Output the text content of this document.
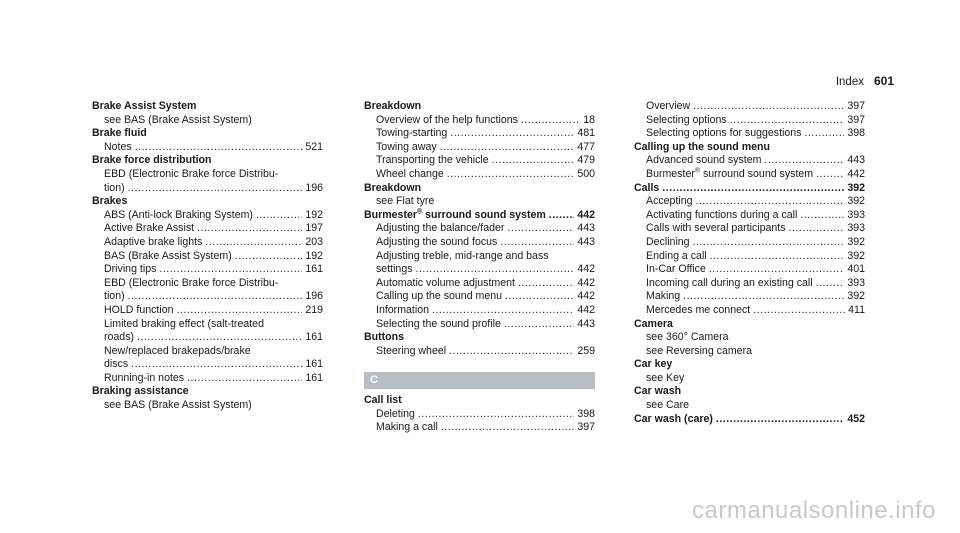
Index 601
Brake Assist System
see BAS (Brake Assist System)
Brake fluid
Notes .....	521
Brake force distribution
EBD (Electronic Brake force Distribu-
tion) .....	196
Brakes
ABS (Anti-lock Braking System) .....	192
Active Brake Assist .....	197
Adaptive brake lights .....	203
BAS (Brake Assist System) .....	192
Driving tips .....	161
EBD (Electronic Brake force Distribu-
tion) .....	196
HOLD function .....	219
Limited braking effect (salt-treated
roads) .....	161
New/replaced brakepads/brake
discs .....	161
Running-in notes .....	161
Braking assistance
see BAS (Brake Assist System)
Breakdown
Overview of the help functions .....	18
Towing-starting .....	481
Towing away .....	477
Transporting the vehicle .....	479
Wheel change .....	500
Breakdown
see Flat tyre
Burmester® surround sound system .....	442
Adjusting the balance/fader .....	443
Adjusting the sound focus .....	443
Adjusting treble, mid-range and bass
settings .....	442
Automatic volume adjustment .....	442
Calling up the sound menu .....	442
Information .....	442
Selecting the sound profile .....	443
Buttons
Steering wheel .....	259
C
Call list
Deleting .....	398
Making a call .....	397
Overview .....	397
Selecting options .....	397
Selecting options for suggestions .....	398
Calling up the sound menu
Advanced sound system .....	443
Burmester® surround sound system .....	442
Calls .....	392
Accepting .....	392
Activating functions during a call .....	393
Calls with several participants .....	393
Declining .....	392
Ending a call .....	392
In-Car Office .....	401
Incoming call during an existing call .....	393
Making .....	392
Mercedes me connect .....	411
Camera
see 360° Camera
see Reversing camera
Car key
see Key
Car wash
see Care
Car wash (care) .....	452
carmanualsonline.info
